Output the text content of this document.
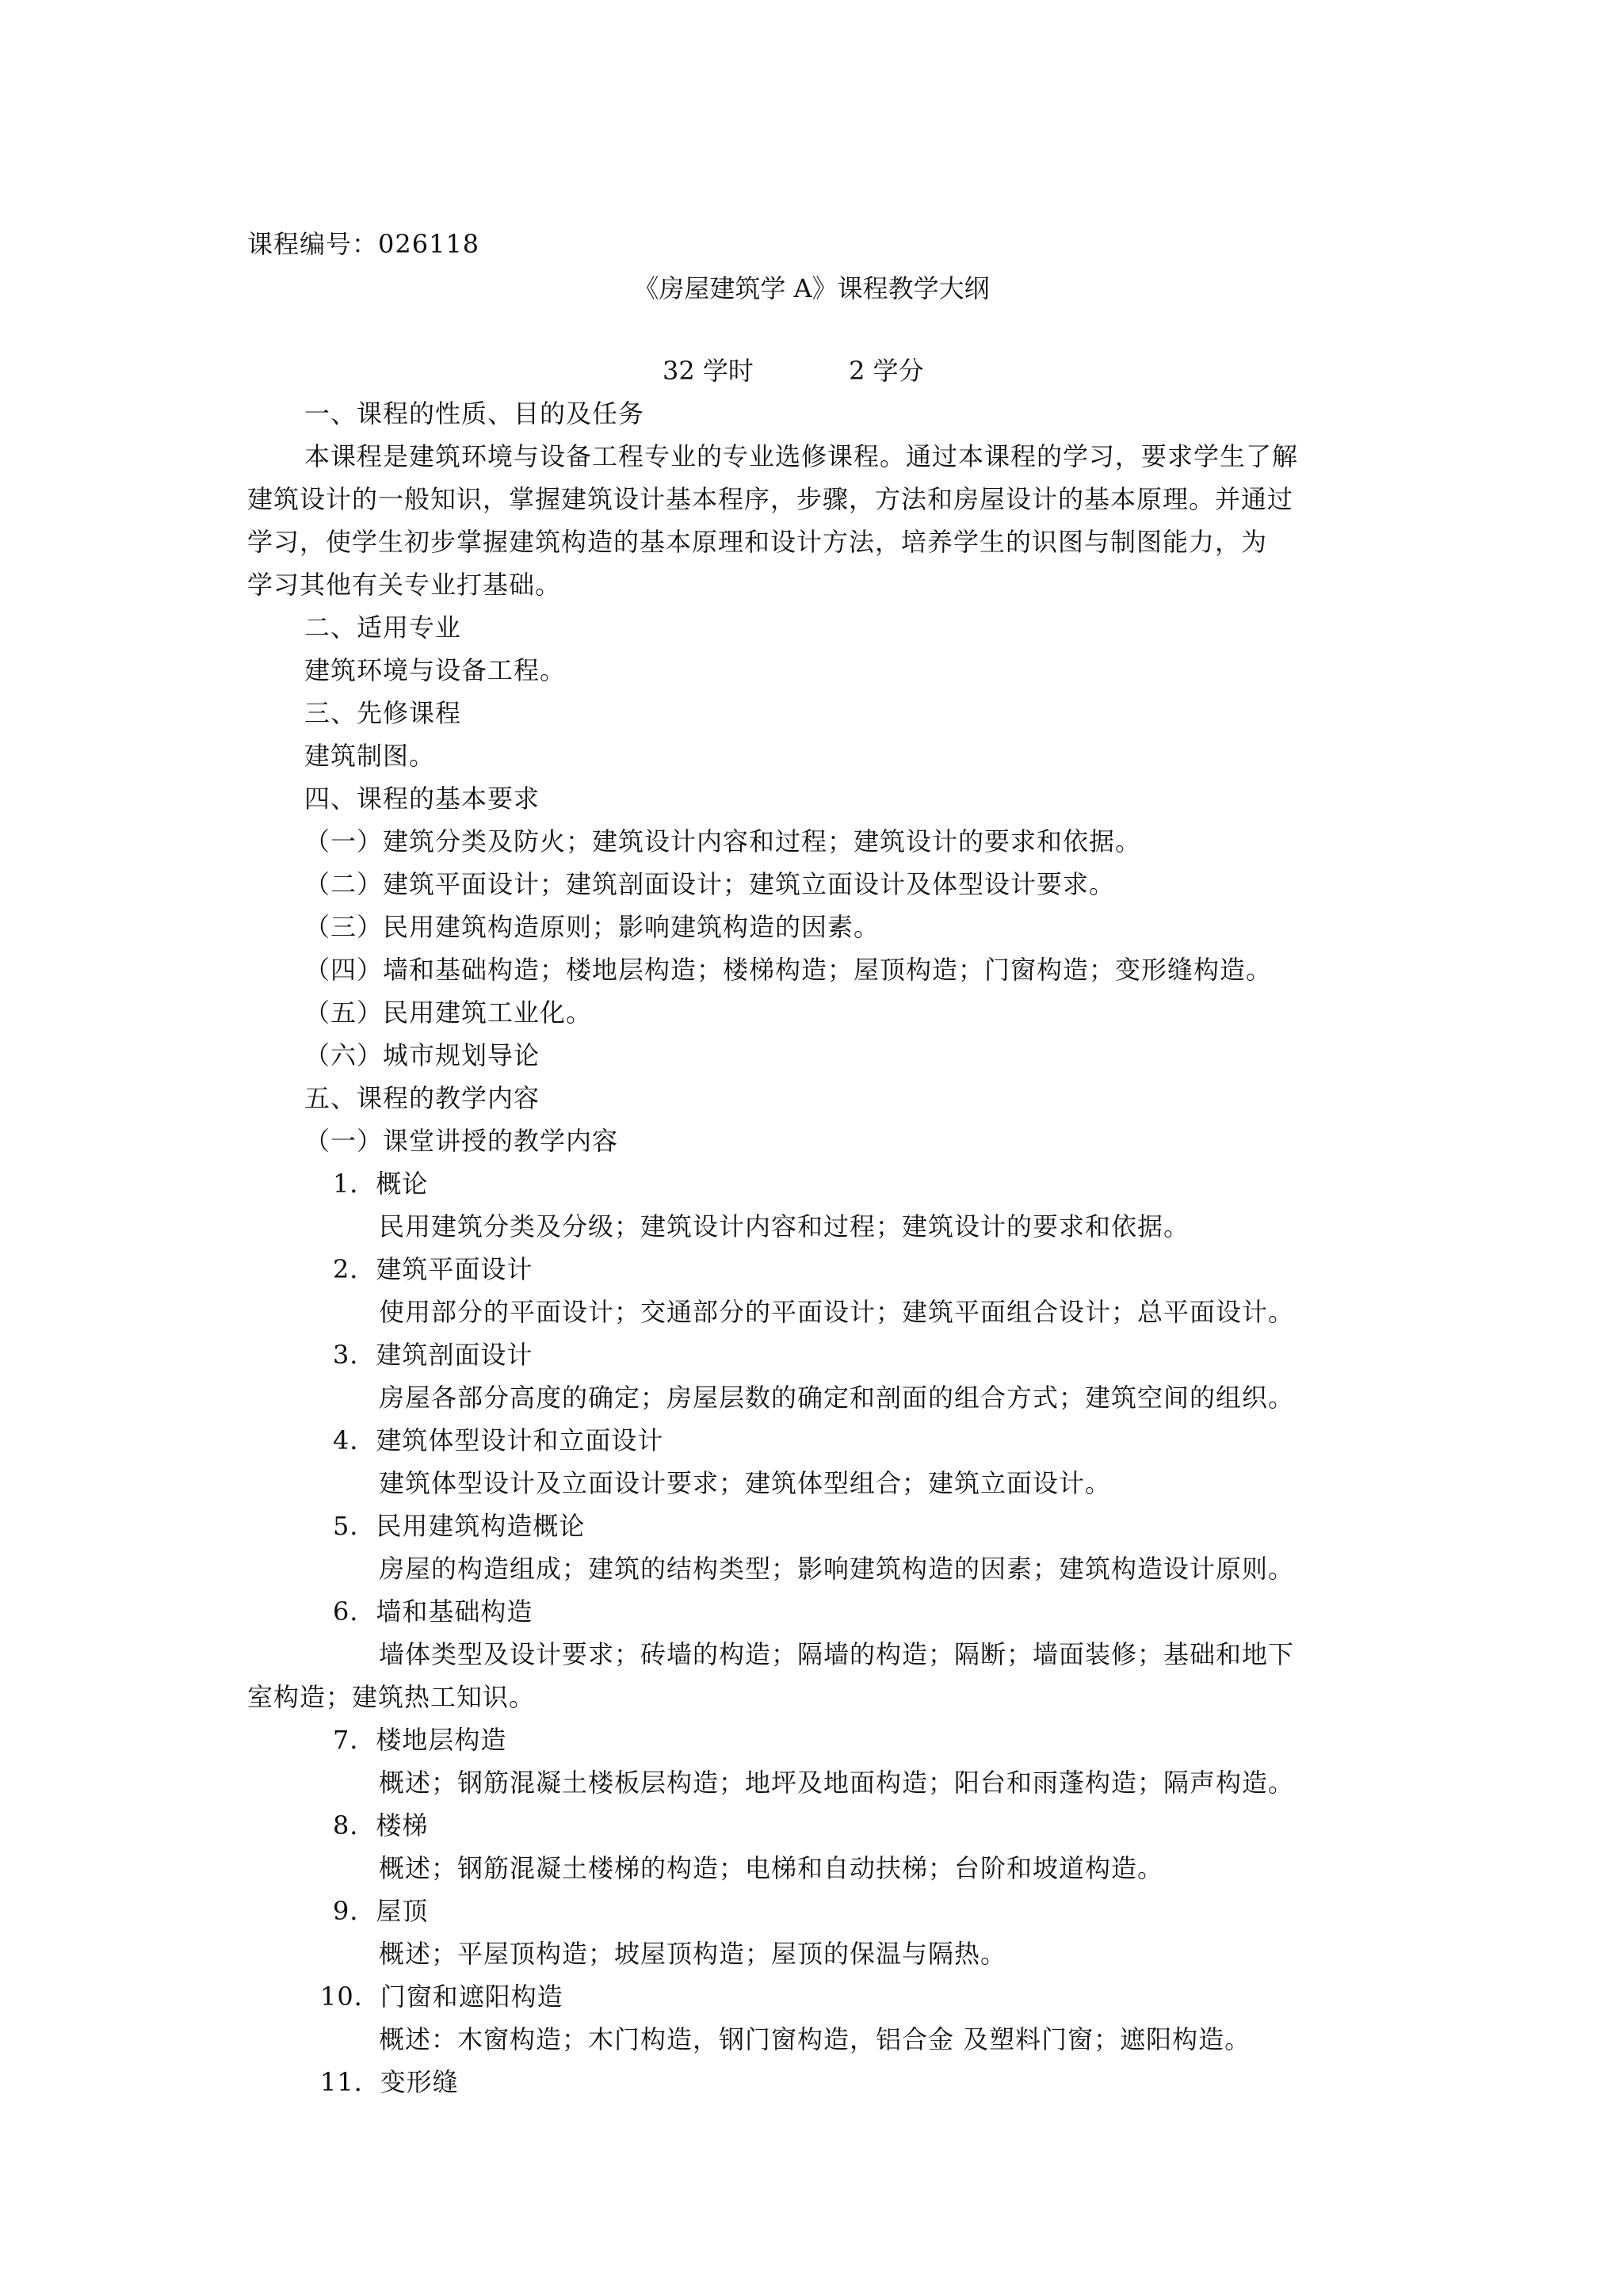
课程编号：026118
《房屋建筑学 A》课程教学大纲
32 学时	2 学分
一、课程的性质、目的及任务
本课程是建筑环境与设备工程专业的专业选修课程。通过本课程的学习，要求学生了解
建筑设计的一般知识，掌握建筑设计基本程序，步骤，方法和房屋设计的基本原理。并通过
学习，使学生初步掌握建筑构造的基本原理和设计方法，培养学生的识图与制图能力，为
学习其他有关专业打基础。
二、适用专业
建筑环境与设备工程。
三、先修课程
建筑制图。
四、课程的基本要求
（一）建筑分类及防火；建筑设计内容和过程；建筑设计的要求和依据。
（二）建筑平面设计；建筑剖面设计；建筑立面设计及体型设计要求。
（三）民用建筑构造原则；影响建筑构造的因素。
（四）墙和基础构造；楼地层构造；楼梯构造；屋顶构造；门窗构造；变形缝构造。
（五）民用建筑工业化。
（六）城市规划导论
五、课程的教学内容
（一）课堂讲授的教学内容
1．概论
民用建筑分类及分级；建筑设计内容和过程；建筑设计的要求和依据。
2．建筑平面设计
使用部分的平面设计；交通部分的平面设计；建筑平面组合设计；总平面设计。
3．建筑剖面设计
房屋各部分高度的确定；房屋层数的确定和剖面的组合方式；建筑空间的组织。
4．建筑体型设计和立面设计
建筑体型设计及立面设计要求；建筑体型组合；建筑立面设计。
5．民用建筑构造概论
房屋的构造组成；建筑的结构类型；影响建筑构造的因素；建筑构造设计原则。
6．墙和基础构造
墙体类型及设计要求；砖墙的构造；隔墙的构造；隔断；墙面装修；基础和地下
室构造；建筑热工知识。
7．楼地层构造
概述；钢筋混凝土楼板层构造；地坪及地面构造；阳台和雨蓬构造；隔声构造。
8．楼梯
概述；钢筋混凝土楼梯的构造；电梯和自动扶梯；台阶和坡道构造。
9．屋顶
概述；平屋顶构造；坡屋顶构造；屋顶的保温与隔热。
10．门窗和遮阳构造
概述：木窗构造；木门构造，钢门窗构造，铝合金 及塑料门窗；遮阳构造。
11．变形缝
